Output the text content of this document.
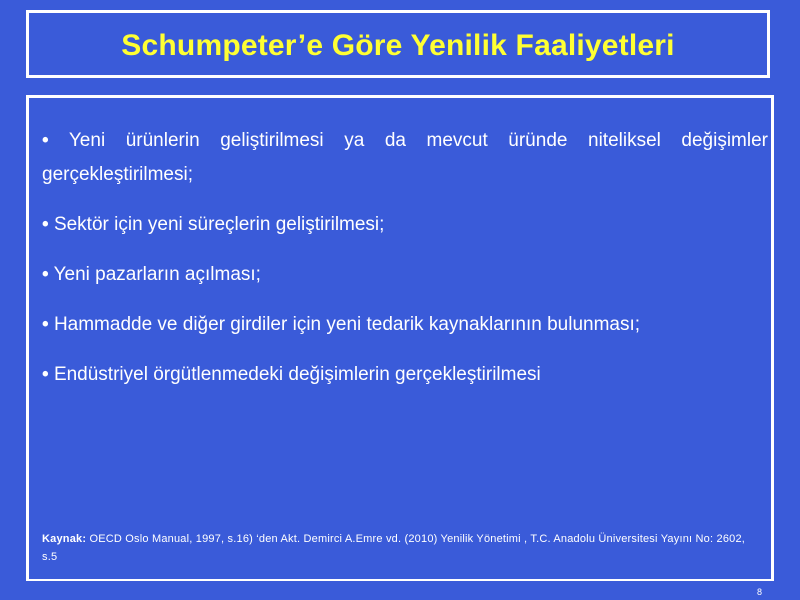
Schumpeter’e Göre Yenilik Faaliyetleri
• Yeni ürünlerin geliştirilmesi ya da mevcut üründe niteliksel değişimler gerçekleştirilmesi;
• Sektör için yeni süreçlerin geliştirilmesi;
• Yeni pazarların açılması;
• Hammadde ve diğer girdiler için yeni tedarik kaynaklarının bulunması;
• Endüstriyel örgütlenmedeki değişimlerin gerçekleştirilmesi
Kaynak: OECD Oslo Manual, 1997, s.16) ‘den Akt. Demirci A.Emre vd. (2010) Yenilik Yönetimi , T.C. Anadolu Üniversitesi Yayını No: 2602, s.5
8
